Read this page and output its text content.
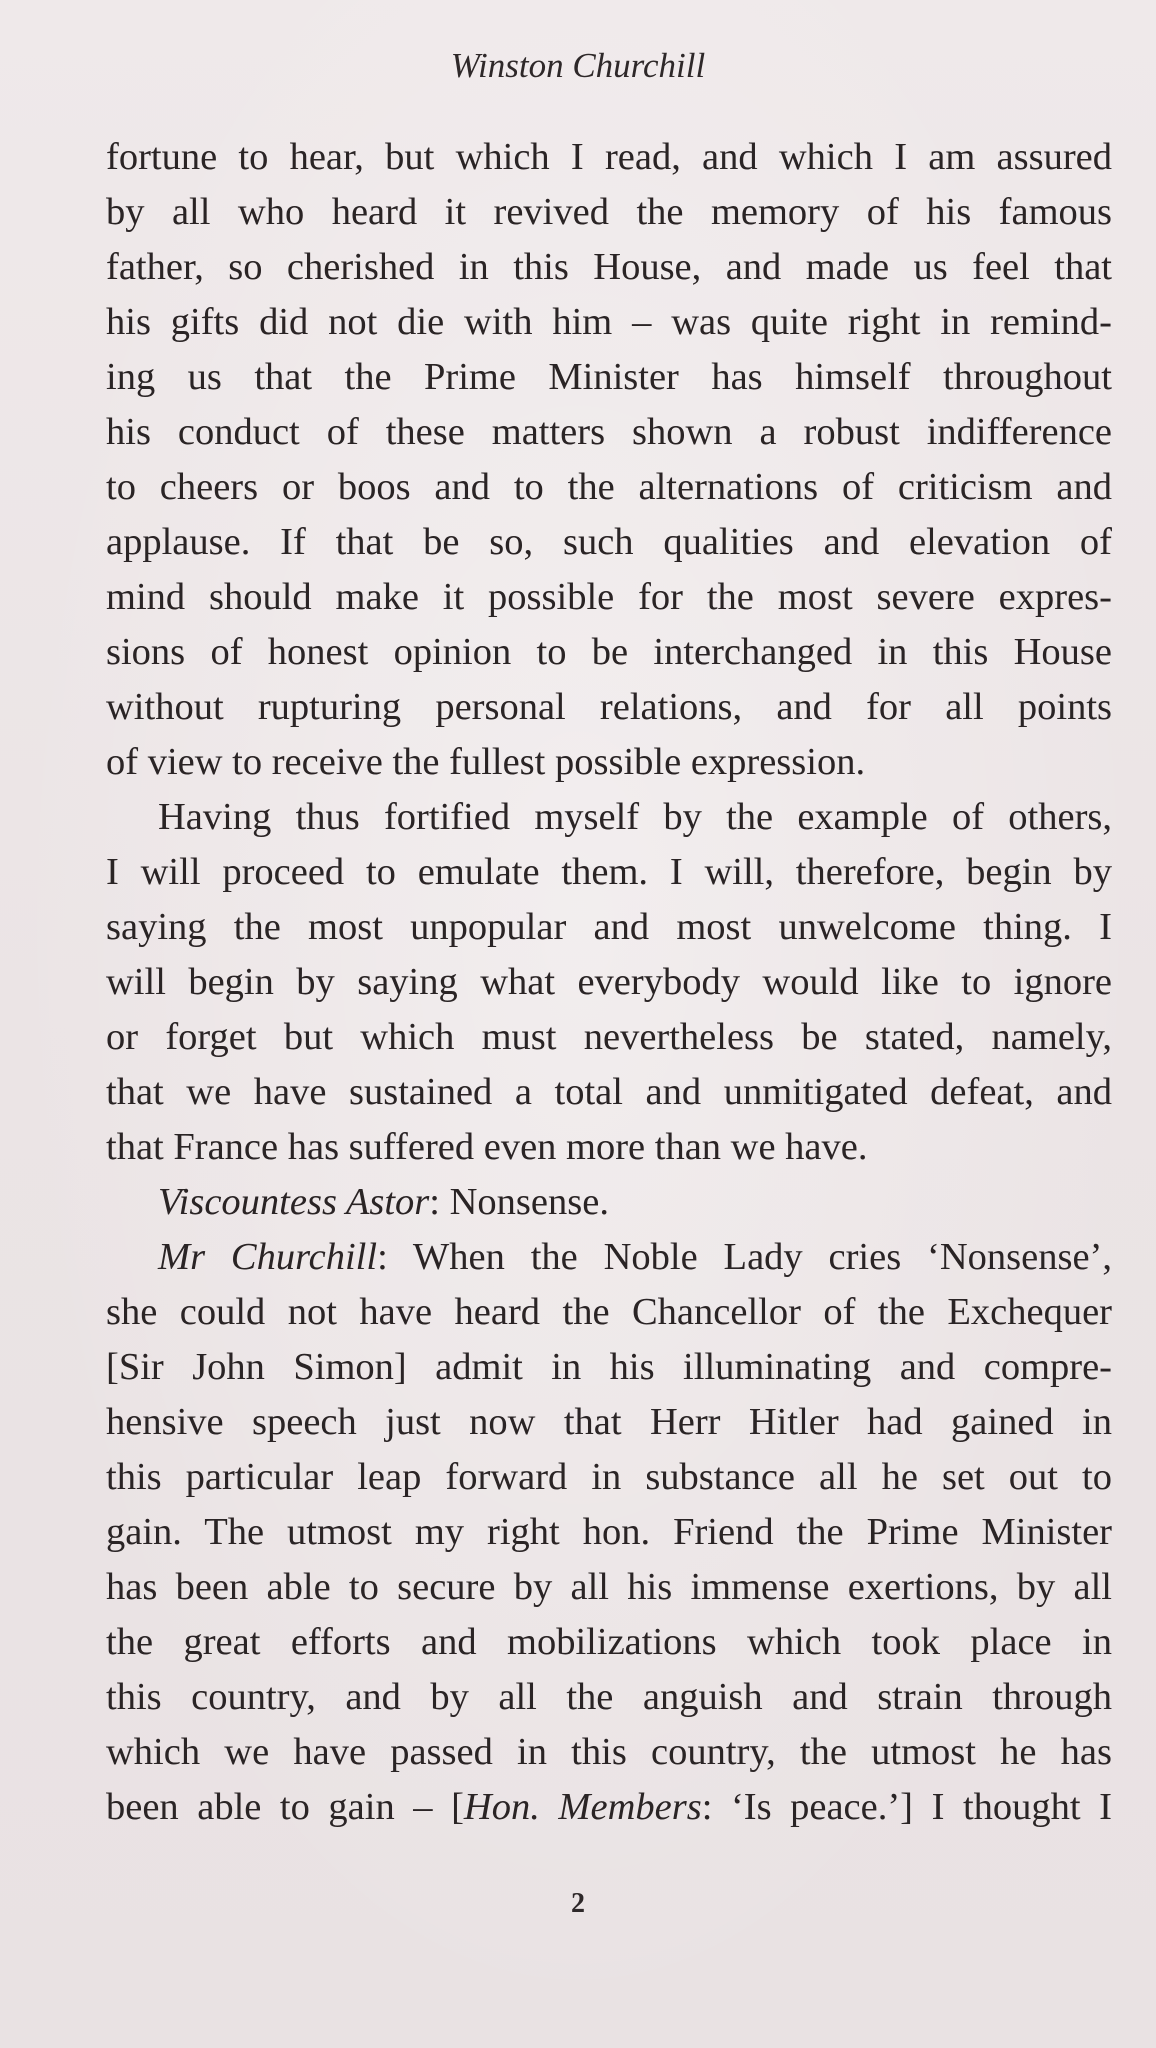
Winston Churchill
fortune to hear, but which I read, and which I am assured
by all who heard it revived the memory of his famous
father, so cherished in this House, and made us feel that
his gifts did not die with him – was quite right in remind-
ing us that the Prime Minister has himself throughout
his conduct of these matters shown a robust indifference
to cheers or boos and to the alternations of criticism and
applause. If that be so, such qualities and elevation of
mind should make it possible for the most severe expres-
sions of honest opinion to be interchanged in this House
without rupturing personal relations, and for all points
of view to receive the fullest possible expression.
Having thus fortified myself by the example of others,
I will proceed to emulate them. I will, therefore, begin by
saying the most unpopular and most unwelcome thing. I
will begin by saying what everybody would like to ignore
or forget but which must nevertheless be stated, namely,
that we have sustained a total and unmitigated defeat, and
that France has suffered even more than we have.
Viscountess Astor: Nonsense.
Mr Churchill: When the Noble Lady cries ‘Nonsense’,
she could not have heard the Chancellor of the Exchequer
[Sir John Simon] admit in his illuminating and compre-
hensive speech just now that Herr Hitler had gained in
this particular leap forward in substance all he set out to
gain. The utmost my right hon. Friend the Prime Minister
has been able to secure by all his immense exertions, by all
the great efforts and mobilizations which took place in
this country, and by all the anguish and strain through
which we have passed in this country, the utmost he has
been able to gain – [Hon. Members: ‘Is peace.’] I thought I
2
